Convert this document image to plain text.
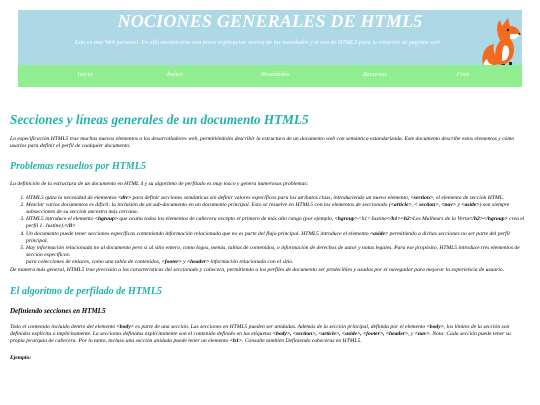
NOCIONES GENERALES DE HTML5
Esta es una Web personal. En ella encontrarás una breve explicación acerca de las novedades y el uso de HTML5 para la creación de páginas web.
Inicio	Índice	Novedades	Recursos	Foro
Secciones y líneas generales de un documento HTML5

La especificación HTML5 trae muchas nuevos elementos a los desarrolladores web, permitiéndoles describir la estructura de un documento web con semántica estandarizada. Este documento describe estos elementos y cómo usarlos para definir el perfil de cualquier documento.

Problemas resueltos por HTML5

La definición de la estructura de un documento en HTML 4 y su algoritmo de perfilado es muy tosco y genera numerosos problemas:

1. HTML5 quita la necesidad de elementos <div> para definir secciones semánticas sin definir valores específicos para los atributos class, introduciendo un nuevo elemento, <section>, el elemento de sección HTML.
2. Mezclar varios documentos es difícil: la inclusión de un sub-documento en un documento principal. Esto se resuelve en HTML5 con los elementos de seccionado (<article>, < section>, <nav> y <aside>) son siempre subsecciones de su sección ancestra más cercana.
3. HTML5 introduce el elemento <hgroup> que oculta todos los elementos de cabecera excepto el primero de más alto rango (por ejemplo, <hgroup><h1>Justine</h1><h2>Les Malheurs de la Vertu</h2></hgroup> crea el perfil 1. Justine).</li>
4. Un documento puede tener secciones específicas conteniendo información relacionada que no es parte del flujo principal. HTML5 introduce el elemento <aside> permitiendo a dichas secciones no ser parte del perfil principal.
5. Hay información relacionada no al documento pero sí al sitio entero, como logos, menús, tablas de contenidos, o información de derechos de autor y notas legales. Para ese propósito, HTML5 introduce tres elementos de sección específicos:
para colecciones de enlaces, como una tabla de contenidos, <footer> y <header> información relacionada con el sitio.

De manera más general, HTML5 trae precisión a las características del seccionado y cabecera, permitiendo a los perfiles de documento ser predecibles y usados por el navegador para mejorar la experiencia de usuario.

El algoritmo de perfilado de HTML5
Definiendo secciones en HTML5

Todo el contenido incluido dentro del elemento <body> es parte de una sección. Las secciones en HTML5 pueden ser anidadas. Además de la sección principal, definida por el elemento <body>, los límites de la sección son definidos explícita o implícitamente. La secciones definidas explícitamente son el contenido definido en las etiquetas <body>, <section>, <article>, <aside>, <footer>, <header>, y <nav>. Nota: Cada sección puede tener su propia jerarquía de cabecera. Por lo tanto, incluso una sección anidada puede tener un elemento <h1>. Consulte también Definiendo cabeceras en HTML5.

Ejemplo:
